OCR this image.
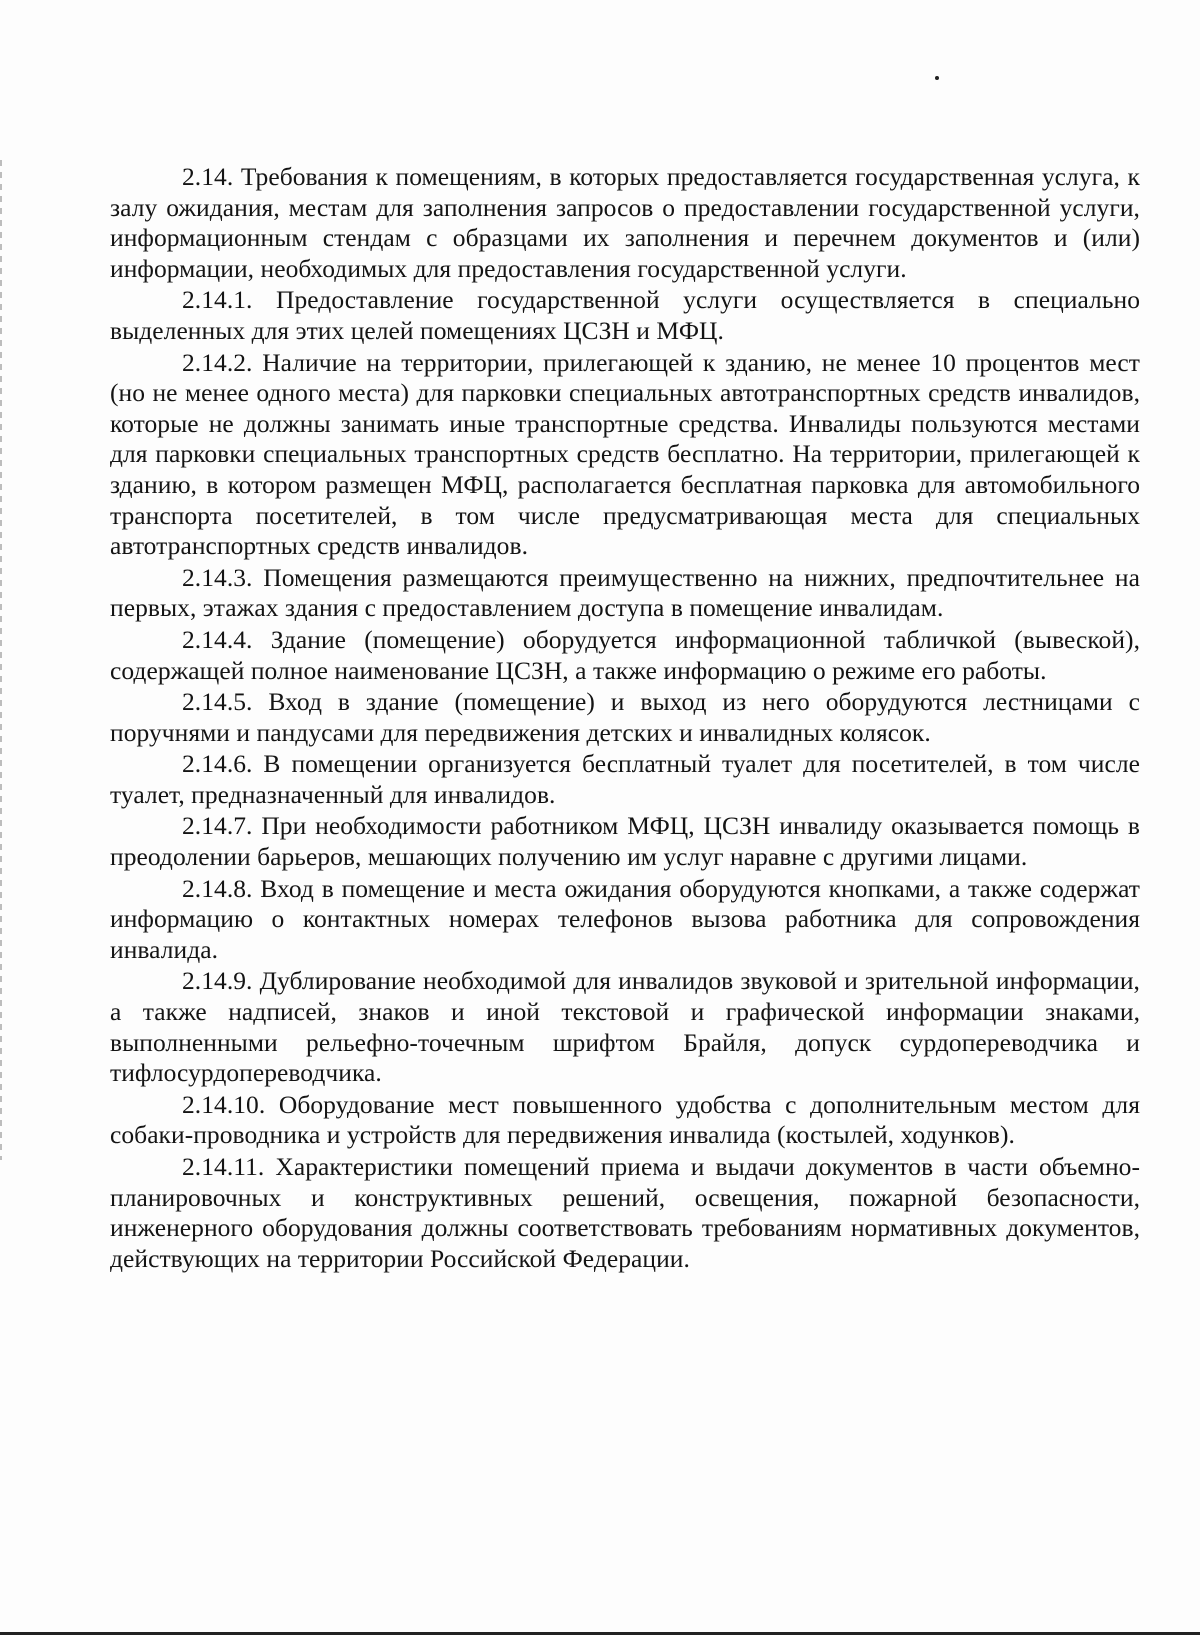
2.14. Требования к помещениям, в которых предоставляется государственная услуга, к залу ожидания, местам для заполнения запросов о предоставлении государственной услуги, информационным стендам с образцами их заполнения и перечнем документов и (или) информации, необходимых для предоставления государственной услуги.

2.14.1. Предоставление государственной услуги осуществляется в специально выделенных для этих целей помещениях ЦСЗН и МФЦ.

2.14.2. Наличие на территории, прилегающей к зданию, не менее 10 процентов мест (но не менее одного места) для парковки специальных автотранспортных средств инвалидов, которые не должны занимать иные транспортные средства. Инвалиды пользуются местами для парковки специальных транспортных средств бесплатно. На территории, прилегающей к зданию, в котором размещен МФЦ, располагается бесплатная парковка для автомобильного транспорта посетителей, в том числе предусматривающая места для специальных автотранспортных средств инвалидов.

2.14.3. Помещения размещаются преимущественно на нижних, предпочтительнее на первых, этажах здания с предоставлением доступа в помещение инвалидам.

2.14.4. Здание (помещение) оборудуется информационной табличкой (вывеской), содержащей полное наименование ЦСЗН, а также информацию о режиме его работы.

2.14.5. Вход в здание (помещение) и выход из него оборудуются лестницами с поручнями и пандусами для передвижения детских и инвалидных колясок.

2.14.6. В помещении организуется бесплатный туалет для посетителей, в том числе туалет, предназначенный для инвалидов.

2.14.7. При необходимости работником МФЦ, ЦСЗН инвалиду оказывается помощь в преодолении барьеров, мешающих получению им услуг наравне с другими лицами.

2.14.8. Вход в помещение и места ожидания оборудуются кнопками, а также содержат информацию о контактных номерах телефонов вызова работника для сопровождения инвалида.

2.14.9. Дублирование необходимой для инвалидов звуковой и зрительной информации, а также надписей, знаков и иной текстовой и графической информации знаками, выполненными рельефно-точечным шрифтом Брайля, допуск сурдопереводчика и тифлосурдопереводчика.

2.14.10. Оборудование мест повышенного удобства с дополнительным местом для собаки-проводника и устройств для передвижения инвалида (костылей, ходунков).

2.14.11. Характеристики помещений приема и выдачи документов в части объемно-планировочных и конструктивных решений, освещения, пожарной безопасности, инженерного оборудования должны соответствовать требованиям нормативных документов, действующих на территории Российской Федерации.
